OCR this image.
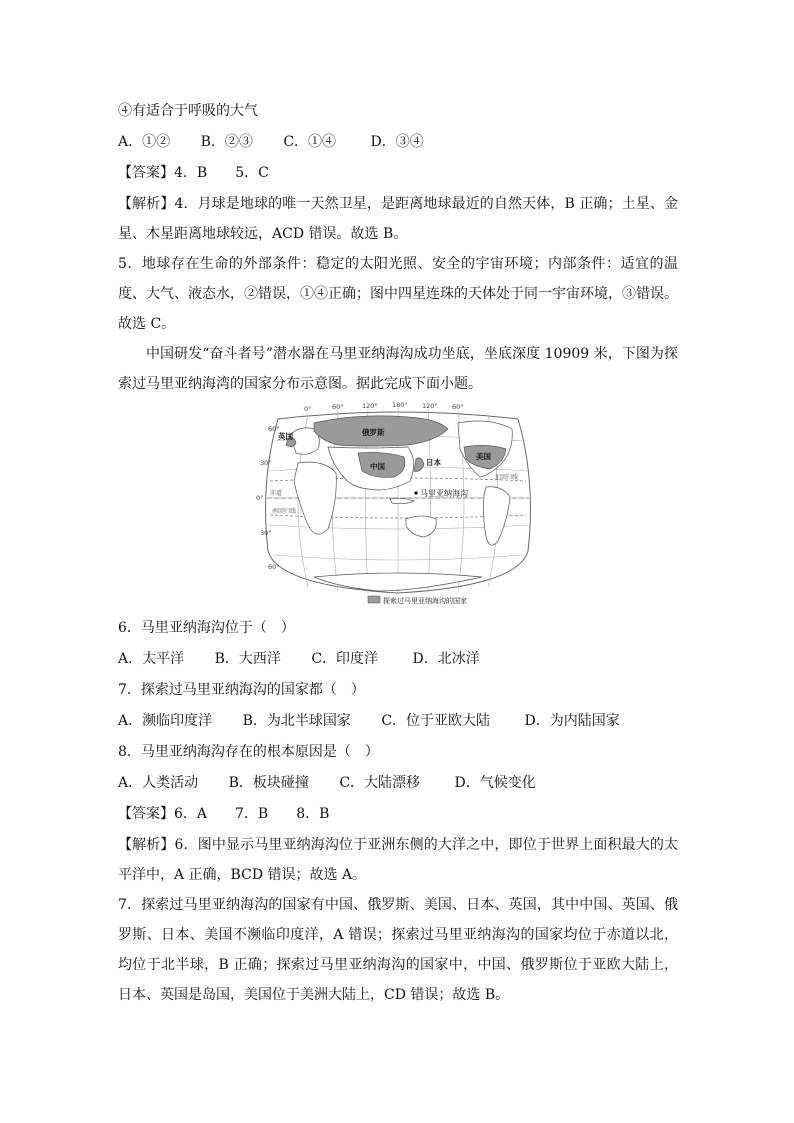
④有适合于呼吸的大气
A．①② B．②③ C．①④ D．③④
【答案】4．B　　5．C
【解析】4．月球是地球的唯一天然卫星，是距离地球最近的自然天体，B 正确；土星、金星、木星距离地球较远，ACD 错误。故选 B。
5．地球存在生命的外部条件：稳定的太阳光照、安全的宇宙环境；内部条件：适宜的温度、大气、液态水，②错误，①④正确；图中四星连珠的天体处于同一宇宙环境，③错误。故选 C。
中国研发“奋斗者号”潜水器在马里亚纳海沟成功坐底，坐底深度 10909 米，下图为探索过马里亚纳海湾的国家分布示意图。据此完成下面小题。
0°	60°	120° 180° 120° 60°
60°
30°
0°
30°
60°
北回归线
赤道
南回归线
英国	俄罗斯
中国	日本
美国
马里亚纳海沟
探索过马里亚纳海沟的国家
6．马里亚纳海沟位于（　）
A．太平洋 B．大西洋 C．印度洋 D．北冰洋
7．探索过马里亚纳海沟的国家都（　）
A．濒临印度洋 B．为北半球国家 C．位于亚欧大陆 D．为内陆国家
8．马里亚纳海沟存在的根本原因是（　）
A．人类活动 B．板块碰撞 C．大陆漂移 D．气候变化
【答案】6．A　　7．B　　8．B
【解析】6．图中显示马里亚纳海沟位于亚洲东侧的大洋之中，即位于世界上面积最大的太平洋中，A 正确，BCD 错误；故选 A。
7．探索过马里亚纳海沟的国家有中国、俄罗斯、美国、日本、英国，其中中国、英国、俄罗斯、日本、美国不濒临印度洋，A 错误；探索过马里亚纳海沟的国家均位于赤道以北，均位于北半球，B 正确；探索过马里亚纳海沟的国家中，中国、俄罗斯位于亚欧大陆上，日本、英国是岛国，美国位于美洲大陆上，CD 错误；故选 B。
